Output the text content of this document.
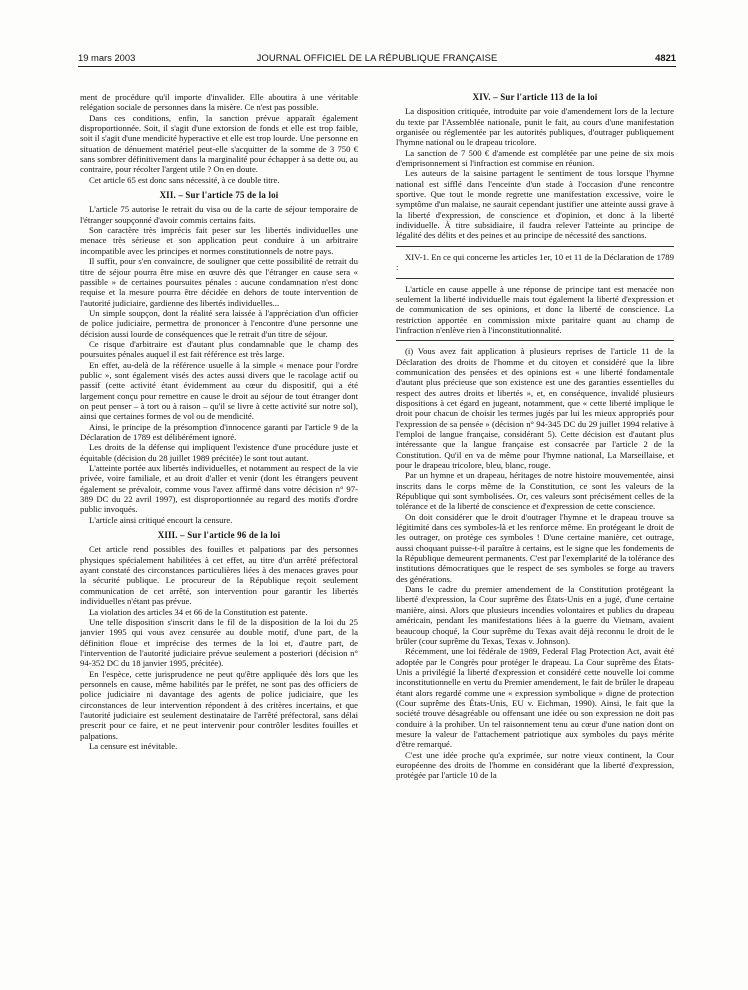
19 mars 2003	JOURNAL OFFICIEL DE LA RÉPUBLIQUE FRANÇAISE	4821

ment de procédure qu'il importe d'invalider. Elle aboutira à une véritable relégation sociale de personnes dans la misère. Ce n'est pas possible.

Dans ces conditions, enfin, la sanction prévue apparaît également disproportionnée. Soit, il s'agit d'une extorsion de fonds et elle est trop faible, soit il s'agit d'une mendicité hyperactive et elle est trop lourde. Une personne en situation de dénuement matériel peut-elle s'acquitter de la somme de 3 750 € sans sombrer définitivement dans la marginalité pour échapper à sa dette ou, au contraire, pour récolter l'argent utile ? On en doute.

Cet article 65 est donc sans nécessité, à ce double titre.

XII. – Sur l'article 75 de la loi

L'article 75 autorise le retrait du visa ou de la carte de séjour temporaire de l'étranger soupçonné d'avoir commis certains faits.

Son caractère très imprécis fait peser sur les libertés individuelles une menace très sérieuse et son application peut conduire à un arbitraire incompatible avec les principes et normes constitutionnels de notre pays.

Il suffit, pour s'en convaincre, de souligner que cette possibilité de retrait du titre de séjour pourra être mise en œuvre dès que l'étranger en cause sera « passible » de certaines poursuites pénales : aucune condamnation n'est donc requise et la mesure pourra être décidée en dehors de toute intervention de l'autorité judiciaire, gardienne des libertés individuelles...

Un simple soupçon, dont la réalité sera laissée à l'appréciation d'un officier de police judiciaire, permettra de prononcer à l'encontre d'une personne une décision aussi lourde de conséquences que le retrait d'un titre de séjour.

Ce risque d'arbitraire est d'autant plus condamnable que le champ des poursuites pénales auquel il est fait référence est très large.

En effet, au-delà de la référence usuelle à la simple « menace pour l'ordre public », sont également visés des actes aussi divers que le racolage actif ou passif (cette activité étant évidemment au cœur du dispositif, qui a été largement conçu pour remettre en cause le droit au séjour de tout étranger dont on peut penser – à tort ou à raison – qu'il se livre à cette activité sur notre sol), ainsi que certaines formes de vol ou de mendicité.

Ainsi, le principe de la présomption d'innocence garanti par l'article 9 de la Déclaration de 1789 est délibérément ignoré.

Les droits de la défense qui impliquent l'existence d'une procédure juste et équitable (décision du 28 juillet 1989 précitée) le sont tout autant.

L'atteinte portée aux libertés individuelles, et notamment au respect de la vie privée, voire familiale, et au droit d'aller et venir (dont les étrangers peuvent également se prévaloir, comme vous l'avez affirmé dans votre décision n° 97-389 DC du 22 avril 1997), est disproportionnée au regard des motifs d'ordre public invoqués.

L'article ainsi critiqué encourt la censure.

XIII. – Sur l'article 96 de la loi

Cet article rend possibles des fouilles et palpations par des personnes physiques spécialement habilitées à cet effet, au titre d'un arrêté préfectoral ayant constaté des circonstances particulières liées à des menaces graves pour la sécurité publique. Le procureur de la République reçoit seulement communication de cet arrêté, son intervention pour garantir les libertés individuelles n'étant pas prévue.

La violation des articles 34 et 66 de la Constitution est patente.

Une telle disposition s'inscrit dans le fil de la disposition de la loi du 25 janvier 1995 qui vous avez censurée au double motif, d'une part, de la définition floue et imprécise des termes de la loi et, d'autre part, de l'intervention de l'autorité judiciaire prévue seulement a posteriori (décision n° 94-352 DC du 18 janvier 1995, précitée).

En l'espèce, cette jurisprudence ne peut qu'être appliquée dès lors que les personnels en cause, même habilités par le préfet, ne sont pas des officiers de police judiciaire ni davantage des agents de police judiciaire, que les circonstances de leur intervention répondent à des critères incertains, et que l'autorité judiciaire est seulement destinataire de l'arrêté préfectoral, sans délai prescrit pour ce faire, et ne peut intervenir pour contrôler lesdites fouilles et palpations.

La censure est inévitable.

XIV. – Sur l'article 113 de la loi

La disposition critiquée, introduite par voie d'amendement lors de la lecture du texte par l'Assemblée nationale, punit le fait, au cours d'une manifestation organisée ou réglementée par les autorités publiques, d'outrager publiquement l'hymne national ou le drapeau tricolore.

La sanction de 7 500 € d'amende est complétée par une peine de six mois d'emprisonnement si l'infraction est commise en réunion.

Les auteurs de la saisine partagent le sentiment de tous lorsque l'hymne national est sifflé dans l'enceinte d'un stade à l'occasion d'une rencontre sportive. Que tout le monde regrette une manifestation excessive, voire le symptôme d'un malaise, ne saurait cependant justifier une atteinte aussi grave à la liberté d'expression, de conscience et d'opinion, et donc à la liberté individuelle. À titre subsidiaire, il faudra relever l'atteinte au principe de légalité des délits et des peines et au principe de nécessité des sanctions.

XIV-1. En ce qui concerne les articles 1er, 10 et 11 de la Déclaration de 1789 :

L'article en cause appelle à une réponse de principe tant est menacée non seulement la liberté individuelle mais tout également la liberté d'expression et de communication de ses opinions, et donc la liberté de conscience. La restriction apportée en commission mixte paritaire quant au champ de l'infraction n'enlève rien à l'inconstitutionnalité.

(i) Vous avez fait application à plusieurs reprises de l'article 11 de la Déclaration des droits de l'homme et du citoyen et considéré que la libre communication des pensées et des opinions est « une liberté fondamentale d'autant plus précieuse que son existence est une des garanties essentielles du respect des autres droits et libertés », et, en conséquence, invalidé plusieurs dispositions à cet égard en jugeant, notamment, que « cette liberté implique le droit pour chacun de choisir les termes jugés par lui les mieux appropriés pour l'expression de sa pensée » (décision n° 94-345 DC du 29 juillet 1994 relative à l'emploi de langue française, considérant 5). Cette décision est d'autant plus intéressante que la langue française est consacrée par l'article 2 de la Constitution. Qu'il en va de même pour l'hymne national, La Marseillaise, et pour le drapeau tricolore, bleu, blanc, rouge.

Par un hymne et un drapeau, héritages de notre histoire mouvementée, ainsi inscrits dans le corps même de la Constitution, ce sont les valeurs de la République qui sont symbolisées. Or, ces valeurs sont précisément celles de la tolérance et de la liberté de conscience et d'expression de cette conscience.

On doit considérer que le droit d'outrager l'hymne et le drapeau trouve sa légitimité dans ces symboles-là et les renforce même. En protégeant le droit de les outrager, on protège ces symboles ! D'une certaine manière, cet outrage, aussi choquant puisse-t-il paraître à certains, est le signe que les fondements de la République demeurent permanents. C'est par l'exemplarité de la tolérance des institutions démocratiques que le respect de ses symboles se forge au travers des générations.

Dans le cadre du premier amendement de la Constitution protégeant la liberté d'expression, la Cour suprême des États-Unis en a jugé, d'une certaine manière, ainsi. Alors que plusieurs incendies volontaires et publics du drapeau américain, pendant les manifestations liées à la guerre du Vietnam, avaient beaucoup choqué, la Cour suprême du Texas avait déjà reconnu le droit de le brûler (cour suprême du Texas, Texas v. Johnson).

Récemment, une loi fédérale de 1989, Federal Flag Protection Act, avait été adoptée par le Congrès pour protéger le drapeau. La Cour suprême des États-Unis a privilégié la liberté d'expression et considéré cette nouvelle loi comme inconstitutionnelle en vertu du Premier amendement, le fait de brûler le drapeau étant alors regardé comme une « expression symbolique » digne de protection (Cour suprême des États-Unis, EU v. Eichman, 1990). Ainsi, le fait que la société trouve désagréable ou offensant une idée ou son expression ne doit pas conduire à la prohiber. Un tel raisonnement tenu au cœur d'une nation dont on mesure la valeur de l'attachement patriotique aux symboles du pays mérite d'être remarqué.

C'est une idée proche qu'a exprimée, sur notre vieux continent, la Cour européenne des droits de l'homme en considérant que la liberté d'expression, protégée par l'article 10 de la
